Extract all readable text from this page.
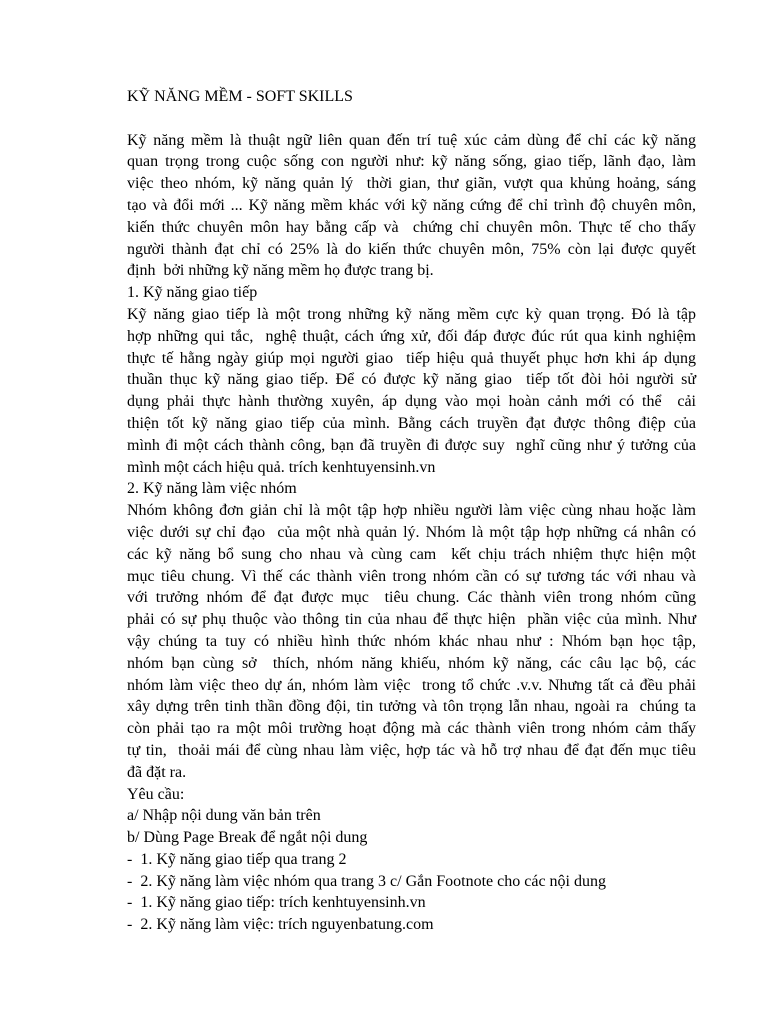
KỸ NĂNG MỀM - SOFT SKILLS
Kỹ năng mềm là thuật ngữ liên quan đến trí tuệ xúc cảm dùng để chỉ các kỹ năng
quan trọng trong cuộc sống con người như: kỹ năng sống, giao tiếp, lãnh đạo, làm
việc theo nhóm, kỹ năng quản lý  thời gian, thư giãn, vượt qua khủng hoảng, sáng
tạo và đổi mới ... Kỹ năng mềm khác với kỹ năng cứng để chỉ trình độ chuyên môn,
kiến thức chuyên môn hay bằng cấp và  chứng chỉ chuyên môn. Thực tế cho thấy
người thành đạt chỉ có 25% là do kiến thức chuyên môn, 75% còn lại được quyết
định  bởi những kỹ năng mềm họ được trang bị.
1. Kỹ năng giao tiếp
Kỹ năng giao tiếp là một trong những kỹ năng mềm cực kỳ quan trọng. Đó là tập
hợp những qui tắc,  nghệ thuật, cách ứng xử, đối đáp được đúc rút qua kinh nghiệm
thực tế hằng ngày giúp mọi người giao  tiếp hiệu quả thuyết phục hơn khi áp dụng
thuần thục kỹ năng giao tiếp. Để có được kỹ năng giao  tiếp tốt đòi hỏi người sử
dụng phải thực hành thường xuyên, áp dụng vào mọi hoàn cảnh mới có thể  cải
thiện tốt kỹ năng giao tiếp của mình. Bằng cách truyền đạt được thông điệp của
mình đi một cách thành công, bạn đã truyền đi được suy  nghĩ cũng như ý tưởng của
mình một cách hiệu quả. trích kenhtuyensinh.vn
2. Kỹ năng làm việc nhóm
Nhóm không đơn giản chỉ là một tập hợp nhiều người làm việc cùng nhau hoặc làm
việc dưới sự chỉ đạo  của một nhà quản lý. Nhóm là một tập hợp những cá nhân có
các kỹ năng bổ sung cho nhau và cùng cam  kết chịu trách nhiệm thực hiện một
mục tiêu chung. Vì thế các thành viên trong nhóm cần có sự tương tác với nhau và
với trưởng nhóm để đạt được mục  tiêu chung. Các thành viên trong nhóm cũng
phải có sự phụ thuộc vào thông tin của nhau để thực hiện  phần việc của mình. Như
vậy chúng ta tuy có nhiều hình thức nhóm khác nhau như : Nhóm bạn học tập,
nhóm bạn cùng sở  thích, nhóm năng khiếu, nhóm kỹ năng, các câu lạc bộ, các
nhóm làm việc theo dự án, nhóm làm việc  trong tổ chức .v.v. Nhưng tất cả đều phải
xây dựng trên tinh thần đồng đội, tin tưởng và tôn trọng lẫn nhau, ngoài ra  chúng ta
còn phải tạo ra một môi trường hoạt động mà các thành viên trong nhóm cảm thấy
tự tin,  thoải mái để cùng nhau làm việc, hợp tác và hỗ trợ nhau để đạt đến mục tiêu
đã đặt ra.
Yêu cầu:
a/ Nhập nội dung văn bản trên
b/ Dùng Page Break để ngắt nội dung
-  1. Kỹ năng giao tiếp qua trang 2
-  2. Kỹ năng làm việc nhóm qua trang 3 c/ Gắn Footnote cho các nội dung
-  1. Kỹ năng giao tiếp: trích kenhtuyensinh.vn
-  2. Kỹ năng làm việc: trích nguyenbatung.com
